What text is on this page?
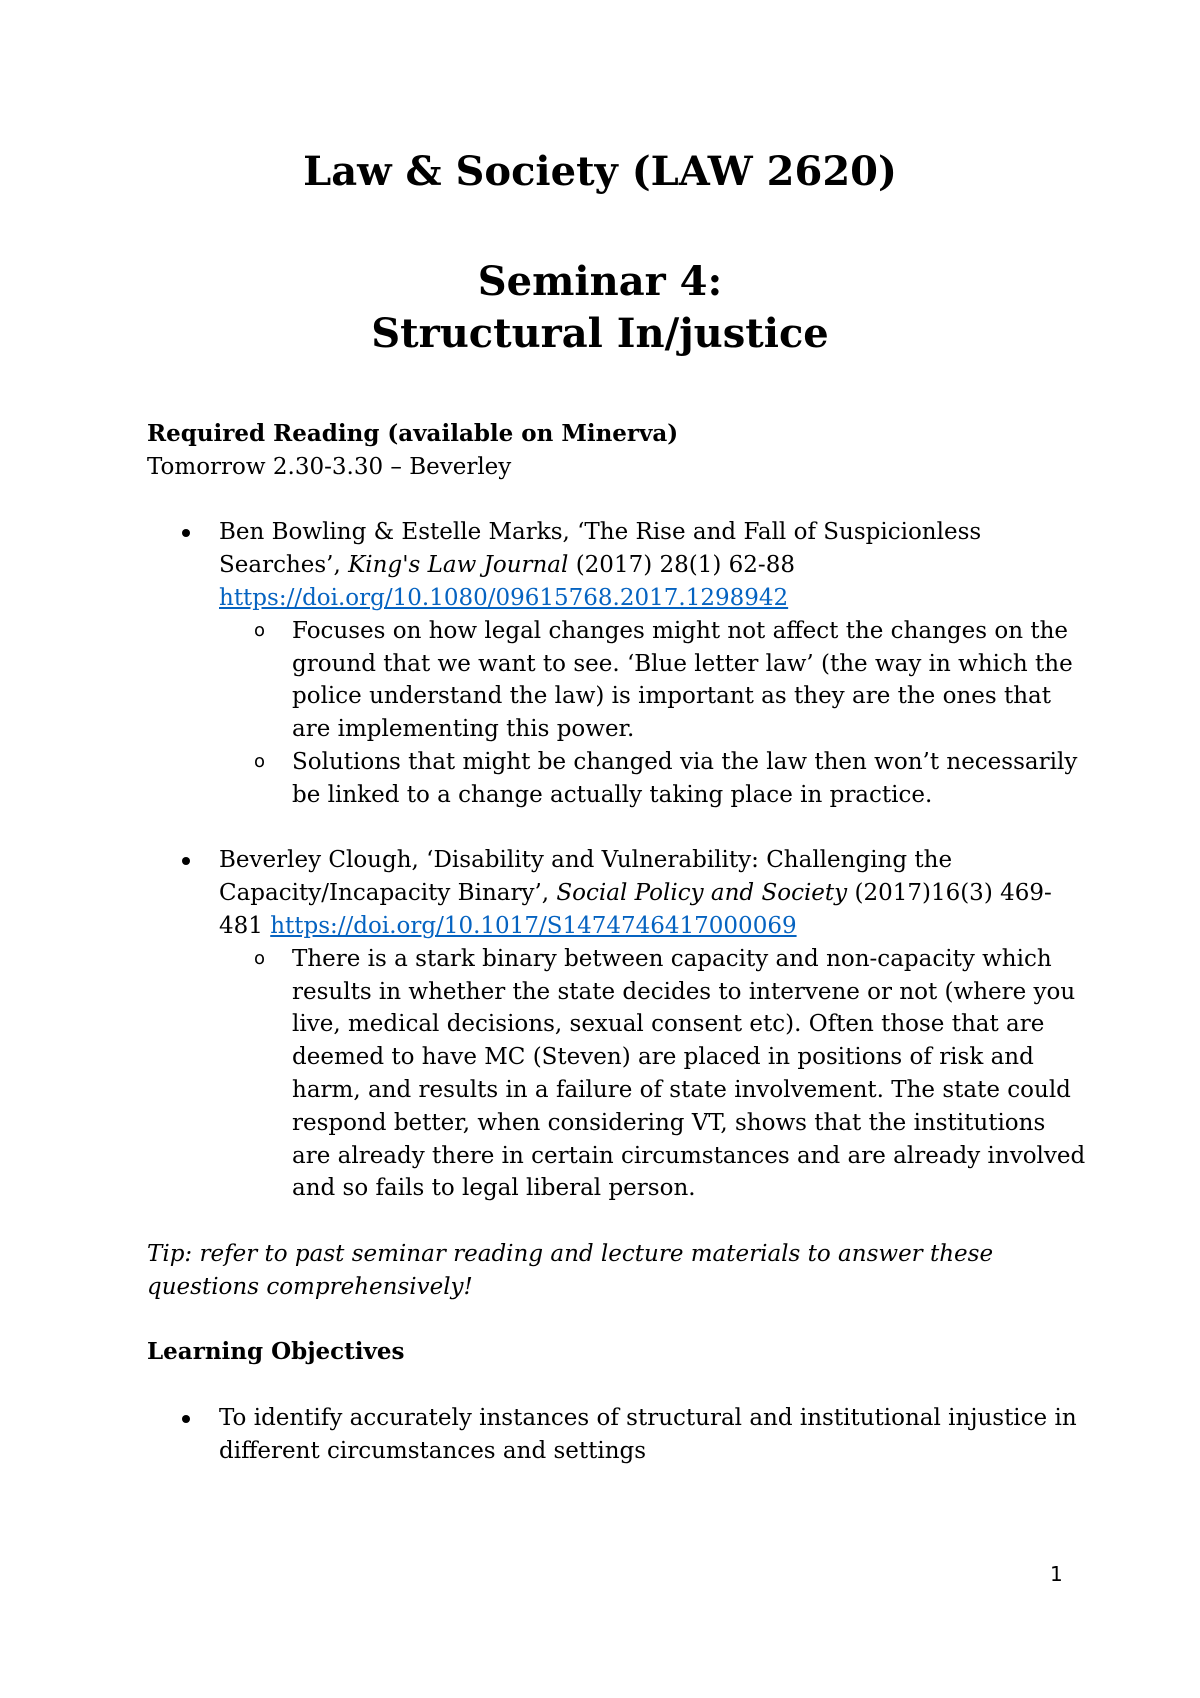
Law & Society (LAW 2620)
Seminar 4:
Structural In/justice

Required Reading (available on Minerva)

Tomorrow 2.30-3.30 – Beverley

Ben Bowling & Estelle Marks, ‘The Rise and Fall of Suspicionless Searches’, King's Law Journal (2017) 28(1) 62-88
https://doi.org/10.1080/09615768.2017.1298942
o Focuses on how legal changes might not affect the changes on the ground that we want to see. ‘Blue letter law’ (the way in which the police understand the law) is important as they are the ones that are implementing this power.
o Solutions that might be changed via the law then won’t necessarily be linked to a change actually taking place in practice.
Beverley Clough, ‘Disability and Vulnerability: Challenging the Capacity/Incapacity Binary’, Social Policy and Society (2017)16(3) 469-481 https://doi.org/10.1017/S1474746417000069
o There is a stark binary between capacity and non-capacity which results in whether the state decides to intervene or not (where you live, medical decisions, sexual consent etc). Often those that are deemed to have MC (Steven) are placed in positions of risk and harm, and results in a failure of state involvement. The state could respond better, when considering VT, shows that the institutions are already there in certain circumstances and are already involved and so fails to legal liberal person.

Tip: refer to past seminar reading and lecture materials to answer these questions comprehensively!

Learning Objectives

To identify accurately instances of structural and institutional injustice in different circumstances and settings
1
